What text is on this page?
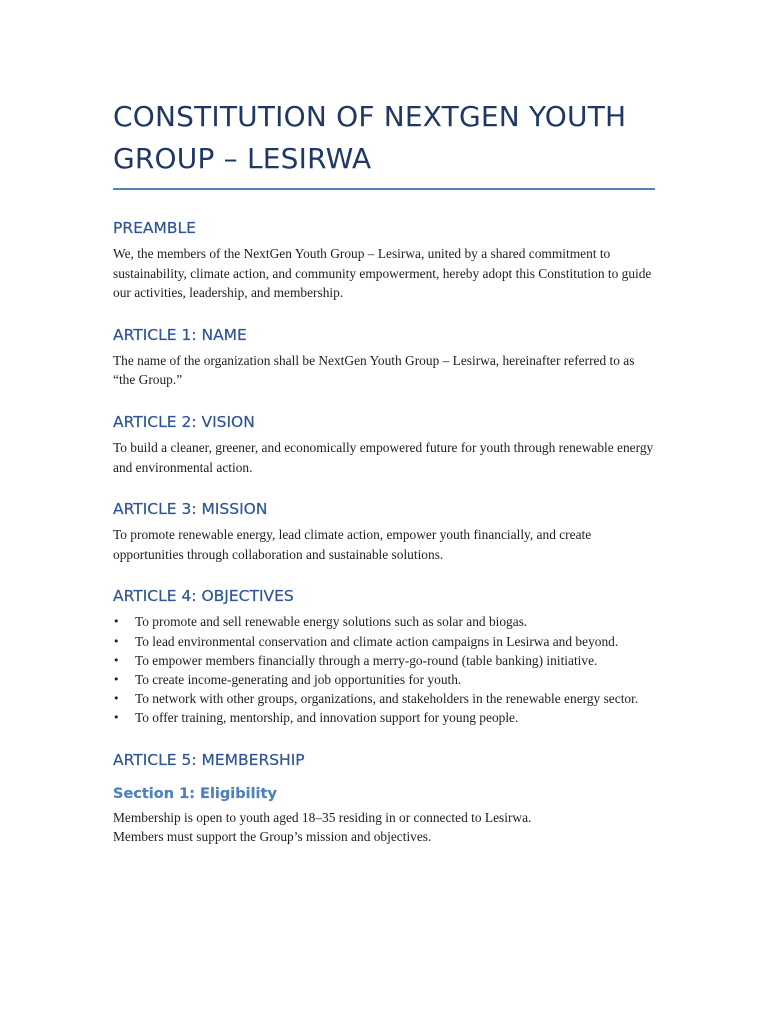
CONSTITUTION OF NEXTGEN YOUTH
GROUP – LESIRWA
PREAMBLE

We, the members of the NextGen Youth Group – Lesirwa, united by a shared commitment to sustainability, climate action, and community empowerment, hereby adopt this Constitution to guide our activities, leadership, and membership.

ARTICLE 1: NAME

The name of the organization shall be NextGen Youth Group – Lesirwa, hereinafter referred to as “the Group.”

ARTICLE 2: VISION

To build a cleaner, greener, and economically empowered future for youth through renewable energy and environmental action.

ARTICLE 3: MISSION

To promote renewable energy, lead climate action, empower youth financially, and create opportunities through collaboration and sustainable solutions.

ARTICLE 4: OBJECTIVES
• To promote and sell renewable energy solutions such as solar and biogas.
• To lead environmental conservation and climate action campaigns in Lesirwa and beyond.
• To empower members financially through a merry-go-round (table banking) initiative.
• To create income-generating and job opportunities for youth.
• To network with other groups, organizations, and stakeholders in the renewable energy sector.
• To offer training, mentorship, and innovation support for young people.
ARTICLE 5: MEMBERSHIP
Section 1: Eligibility

Membership is open to youth aged 18–35 residing in or connected to Lesirwa.
Members must support the Group’s mission and objectives.
